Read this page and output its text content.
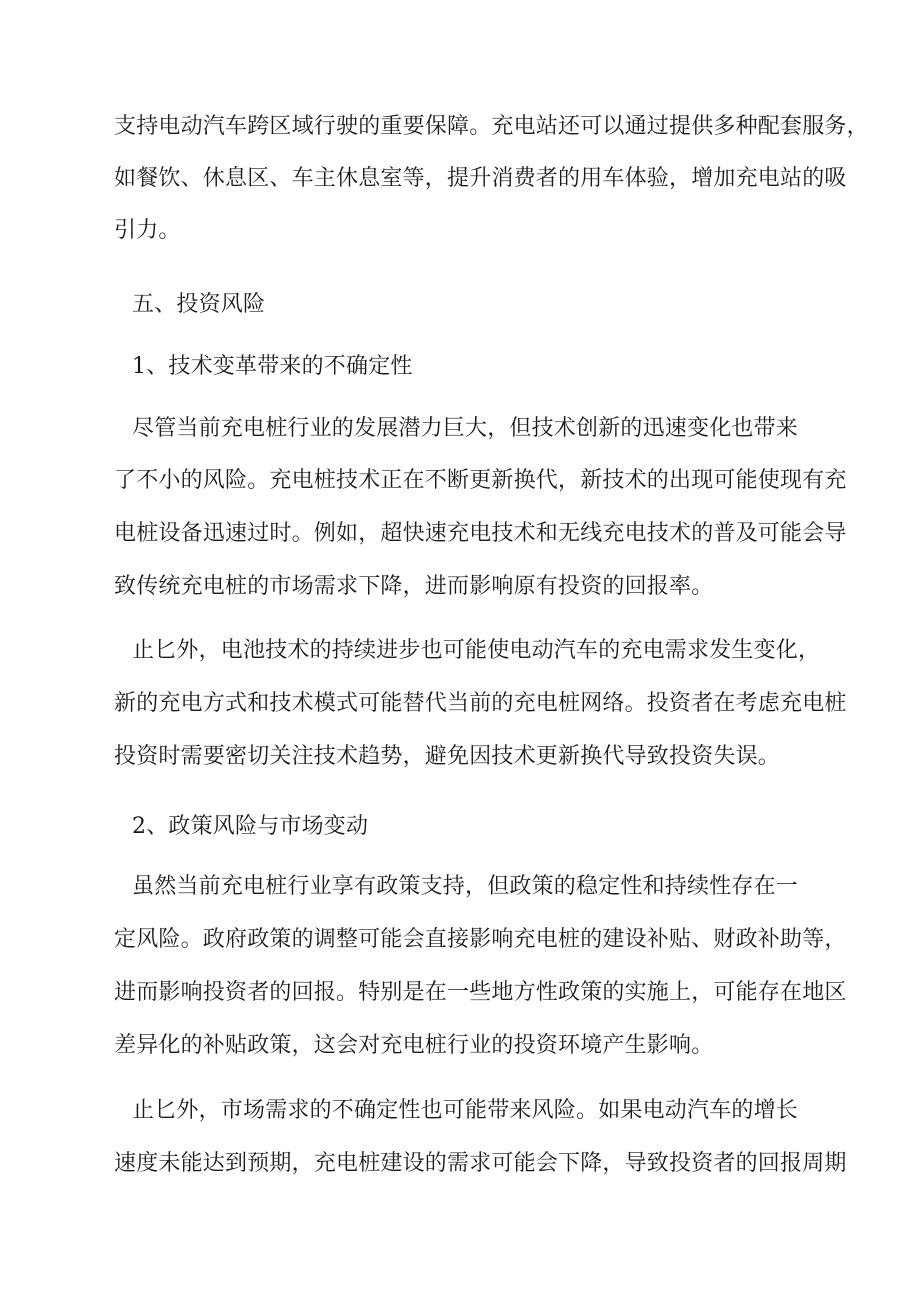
支持电动汽车跨区域行驶的重要保障。充电站还可以通过提供多种配套服务，
如餐饮、休息区、车主休息室等，提升消费者的用车体验，增加充电站的吸
引力。
五、投资风险
1、技术变革带来的不确定性
尽管当前充电桩行业的发展潜力巨大，但技术创新的迅速变化也带来
了不小的风险。充电桩技术正在不断更新换代，新技术的出现可能使现有充
电桩设备迅速过时。例如，超快速充电技术和无线充电技术的普及可能会导
致传统充电桩的市场需求下降，进而影响原有投资的回报率。
止匕外，电池技术的持续进步也可能使电动汽车的充电需求发生变化，
新的充电方式和技术模式可能替代当前的充电桩网络。投资者在考虑充电桩
投资时需要密切关注技术趋势，避免因技术更新换代导致投资失误。
2、政策风险与市场变动
虽然当前充电桩行业享有政策支持，但政策的稳定性和持续性存在一
定风险。政府政策的调整可能会直接影响充电桩的建设补贴、财政补助等，
进而影响投资者的回报。特别是在一些地方性政策的实施上，可能存在地区
差异化的补贴政策，这会对充电桩行业的投资环境产生影响。
止匕外，市场需求的不确定性也可能带来风险。如果电动汽车的增长
速度未能达到预期，充电桩建设的需求可能会下降，导致投资者的回报周期
